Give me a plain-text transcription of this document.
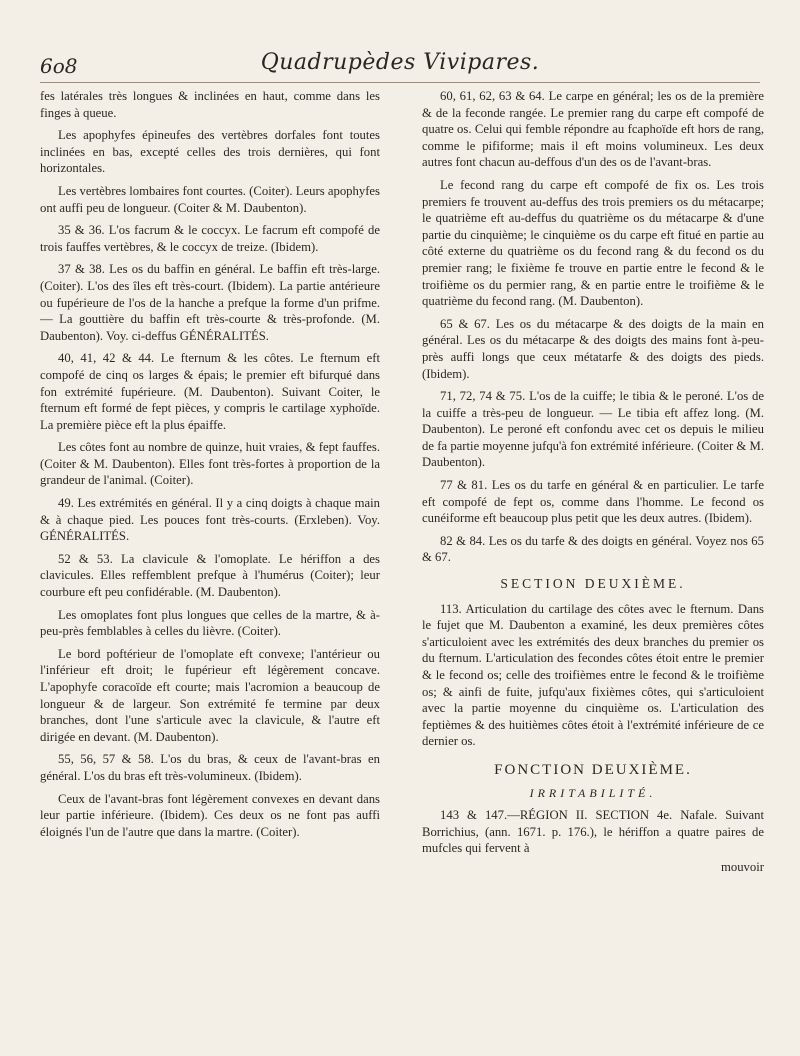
6o8	Quadrupèdes Vivipares.

fes latérales très longues & inclinées en haut, comme dans les finges à queue.

Les apophyfes épineufes des vertèbres dorfales font toutes inclinées en bas, excepté celles des trois dernières, qui font horizontales.

Les vertèbres lombaires font courtes. (Coiter). Leurs apophyfes ont auffi peu de longueur. (Coiter & M. Daubenton).

35 & 36. L'os facrum & le coccyx. Le facrum eft compofé de trois fauffes vertèbres, & le coccyx de treize. (Ibidem).

37 & 38. Les os du baffin en général. Le baffin eft très-large. (Coiter). L'os des îles eft très-court. (Ibidem). La partie antérieure ou fupérieure de l'os de la hanche a prefque la forme d'un prifme. — La gouttière du baffin eft très-courte & très-profonde. (M. Daubenton). Voy. ci-deffus GÉNÉRALITÉS.

40, 41, 42 & 44. Le fternum & les côtes. Le fternum eft compofé de cinq os larges & épais; le premier eft bifurqué dans fon extrémité fupérieure. (M. Daubenton). Suivant Coiter, le fternum eft formé de fept pièces, y compris le cartilage xyphoïde. La première pièce eft la plus épaiffe.

Les côtes font au nombre de quinze, huit vraies, & fept fauffes. (Coiter & M. Daubenton). Elles font très-fortes à proportion de la grandeur de l'animal. (Coiter).

49. Les extrémités en général. Il y a cinq doigts à chaque main & à chaque pied. Les pouces font très-courts. (Erxleben). Voy. GÉNÉRALITÉS.

52 & 53. La clavicule & l'omoplate. Le hériffon a des clavicules. Elles reffemblent prefque à l'humérus (Coiter); leur courbure eft peu confidérable. (M. Daubenton).

Les omoplates font plus longues que celles de la martre, & à-peu-près femblables à celles du lièvre. (Coiter).

Le bord poftérieur de l'omoplate eft convexe; l'antérieur ou l'inférieur eft droit; le fupérieur eft légèrement concave. L'apophyfe coracoïde eft courte; mais l'acromion a beaucoup de longueur & de largeur. Son extrémité fe termine par deux branches, dont l'une s'articule avec la clavicule, & l'autre eft dirigée en devant. (M. Daubenton).

55, 56, 57 & 58. L'os du bras, & ceux de l'avant-bras en général. L'os du bras eft très-volumineux. (Ibidem).

Ceux de l'avant-bras font légèrement convexes en devant dans leur partie inférieure. (Ibidem). Ces deux os ne font pas auffi éloignés l'un de l'autre que dans la martre. (Coiter).

60, 61, 62, 63 & 64. Le carpe en général; les os de la première & de la feconde rangée. Le premier rang du carpe eft compofé de quatre os. Celui qui femble répondre au fcaphoïde eft hors de rang, comme le pififorme; mais il eft moins volumineux. Les deux autres font chacun au-deffous d'un des os de l'avant-bras.

Le fecond rang du carpe eft compofé de fix os. Les trois premiers fe trouvent au-deffus des trois premiers os du métacarpe; le quatrième eft au-deffus du quatrième os du métacarpe & d'une partie du cinquième; le cinquième os du carpe eft fitué en partie au côté externe du quatrième os du fecond rang & du fecond os du premier rang; le fixième fe trouve en partie entre le fecond & le troifième os du permier rang, & en partie entre le troifième & le quatrième du fecond rang. (M. Daubenton).

65 & 67. Les os du métacarpe & des doigts de la main en général. Les os du métacarpe & des doigts des mains font à-peu-près auffi longs que ceux métatarfe & des doigts des pieds. (Ibidem).

71, 72, 74 & 75. L'os de la cuiffe; le tibia & le peroné. L'os de la cuiffe a très-peu de longueur. — Le tibia eft affez long. (M. Daubenton). Le peroné eft confondu avec cet os depuis le milieu de fa partie moyenne jufqu'à fon extrémité inférieure. (Coiter & M. Daubenton).

77 & 81. Les os du tarfe en général & en particulier. Le tarfe eft compofé de fept os, comme dans l'homme. Le fecond os cunéiforme eft beaucoup plus petit que les deux autres. (Ibidem).

82 & 84. Les os du tarfe & des doigts en général. Voyez nos 65 & 67.

SECTION DEUXIÈME.

113. Articulation du cartilage des côtes avec le fternum. Dans le fujet que M. Daubenton a examiné, les deux premières côtes s'articuloient avec les extrémités des deux branches du premier os du fternum. L'articulation des fecondes côtes étoit entre le premier & le fecond os; celle des troifièmes entre le fecond & le troifième os; & ainfi de fuite, jufqu'aux fixièmes côtes, qui s'articuloient avec la partie moyenne du cinquième os. L'articulation des feptièmes & des huitièmes côtes étoit à l'extrémité inférieure de ce dernier os.

FONCTION DEUXIÈME.
IRRITABILITÉ.

143 & 147.—RÉGION II. SECTION 4e. Nafale. Suivant Borrichius, (ann. 1671. p. 176.), le hériffon a quatre paires de mufcles qui fervent à

mouvoir
